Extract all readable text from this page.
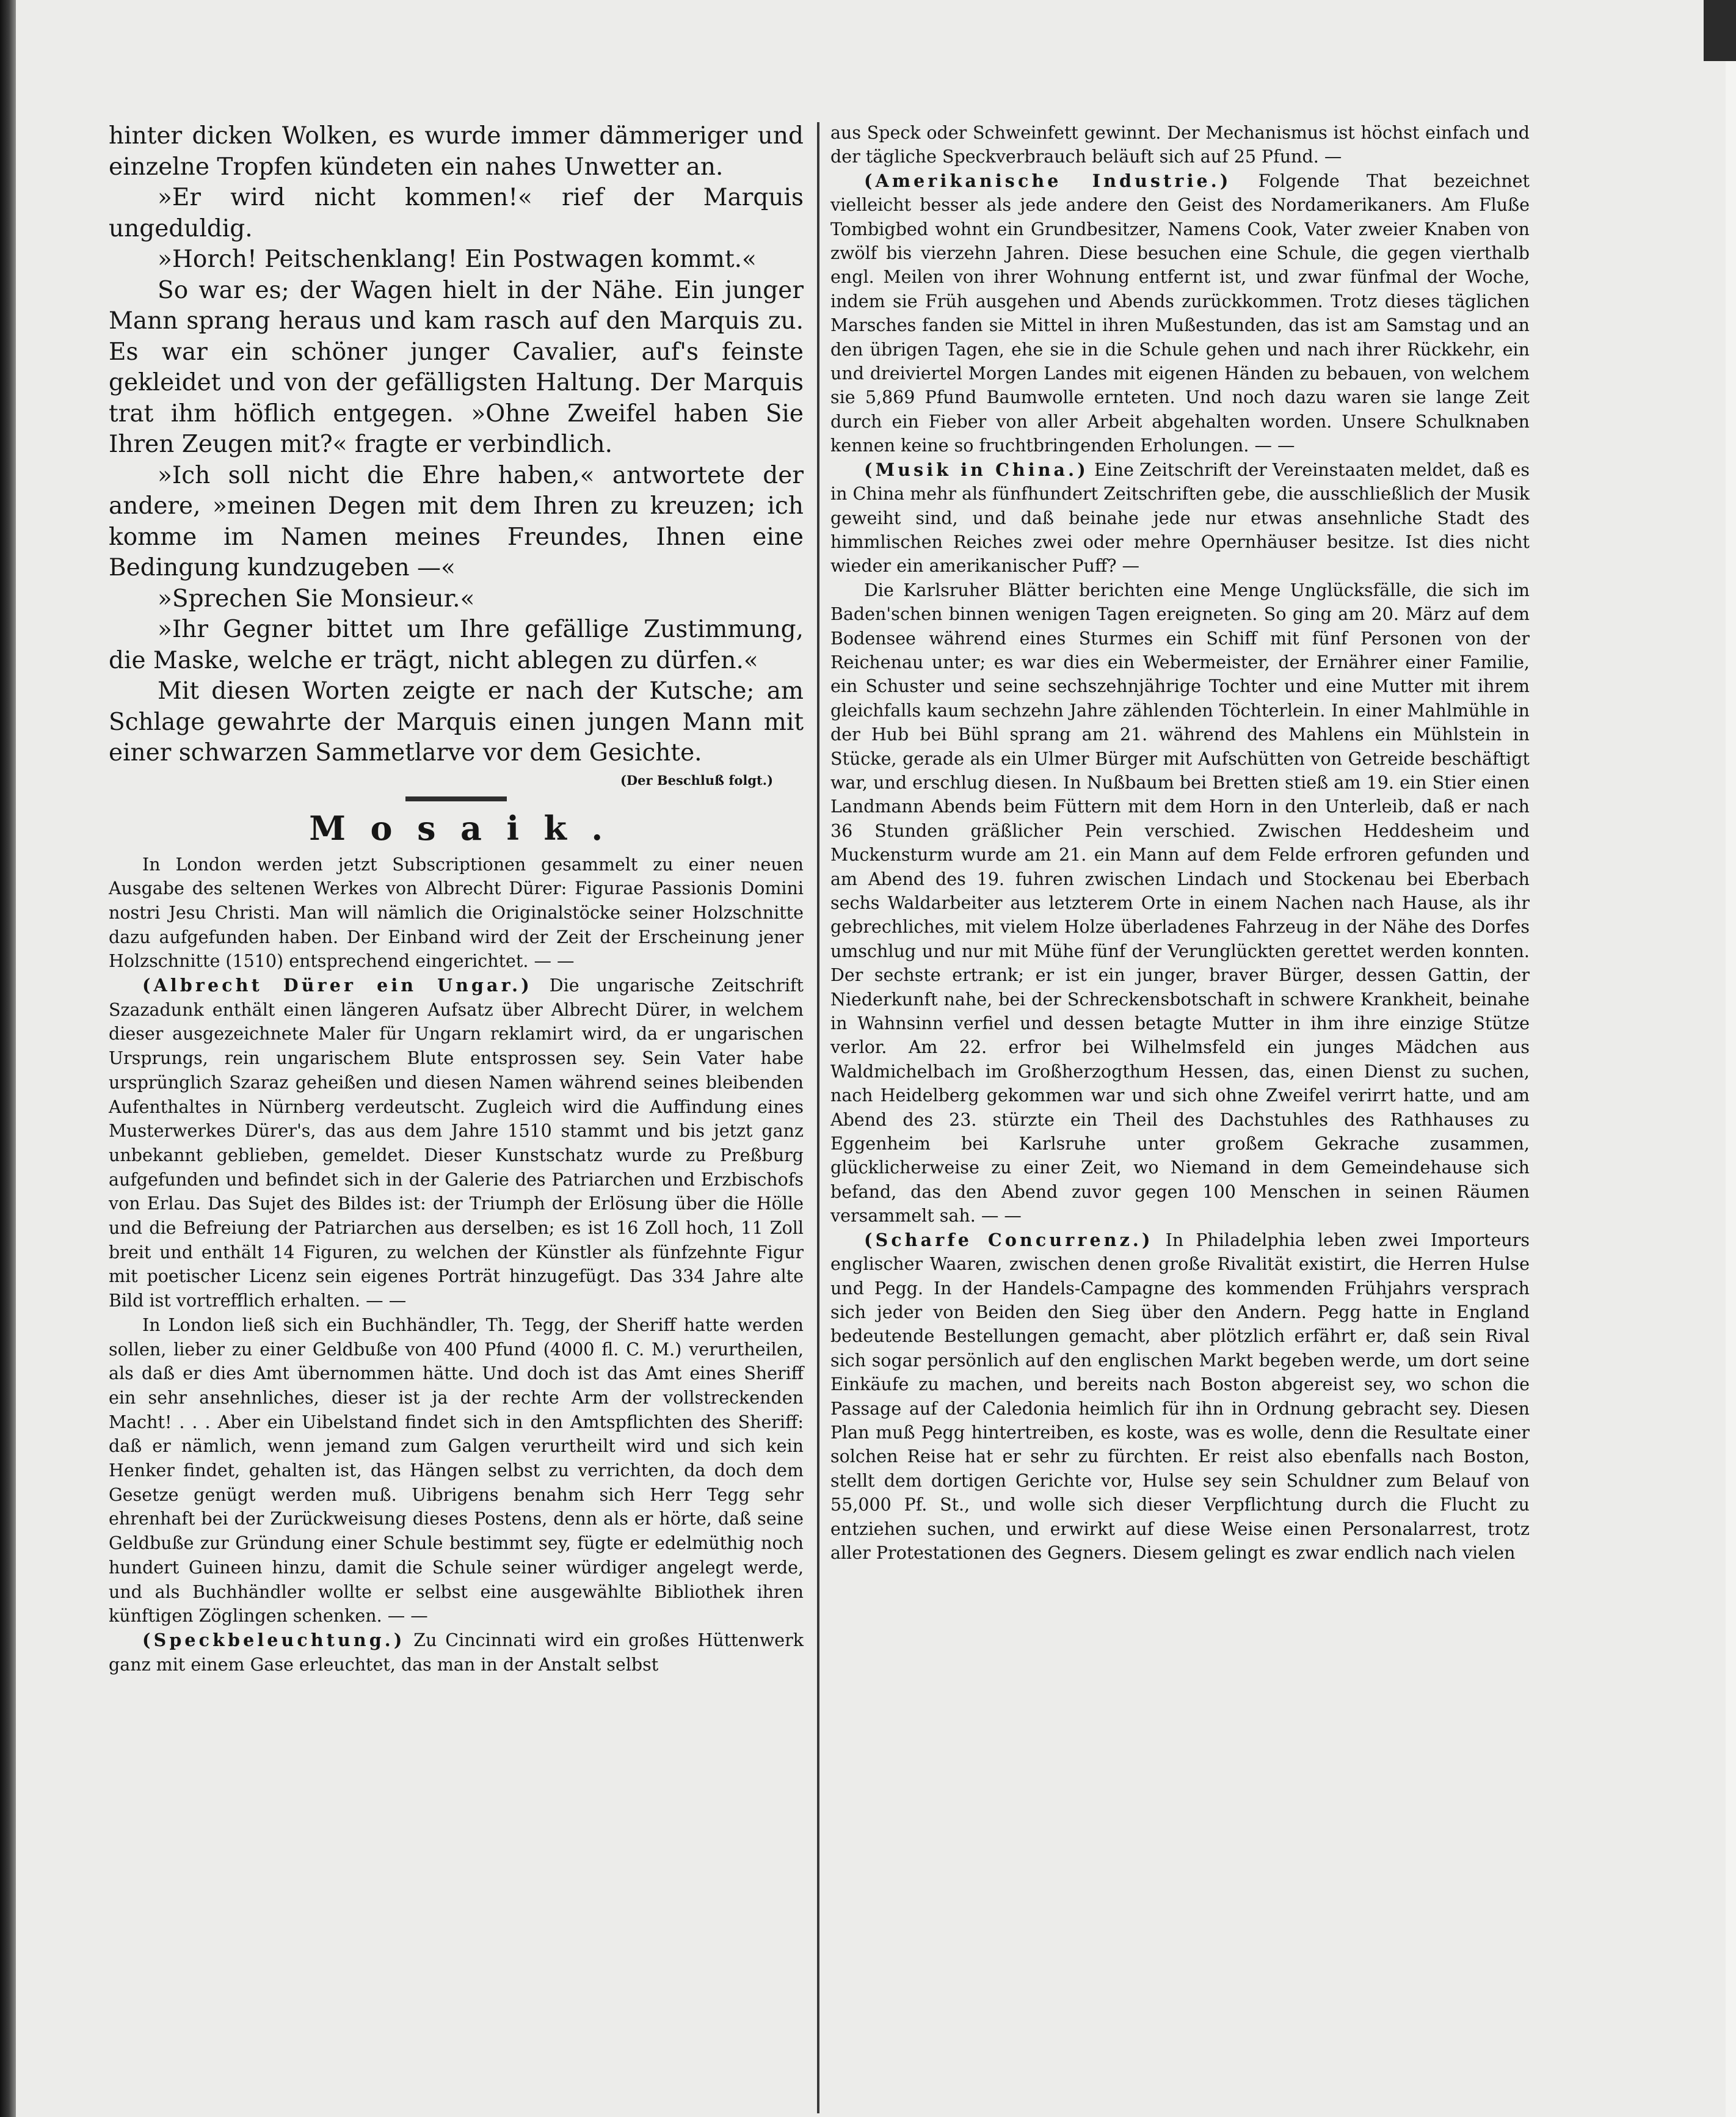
hinter dicken Wolken, es wurde immer dämmeriger und einzelne Tropfen kündeten ein nahes Unwetter an.

»Er wird nicht kommen!« rief der Marquis ungeduldig.

»Horch! Peitschenklang! Ein Postwagen kommt.«

So war es; der Wagen hielt in der Nähe. Ein junger Mann sprang heraus und kam rasch auf den Marquis zu. Es war ein schöner junger Cavalier, auf's feinste gekleidet und von der gefälligsten Haltung. Der Marquis trat ihm höflich entgegen. »Ohne Zweifel haben Sie Ihren Zeugen mit?« fragte er verbindlich.

»Ich soll nicht die Ehre haben,« antwortete der andere, »meinen Degen mit dem Ihren zu kreuzen; ich komme im Namen meines Freundes, Ihnen eine Bedingung kundzugeben —«

»Sprechen Sie Monsieur.«

»Ihr Gegner bittet um Ihre gefällige Zustimmung, die Maske, welche er trägt, nicht ablegen zu dürfen.«

Mit diesen Worten zeigte er nach der Kutsche; am Schlage gewahrte der Marquis einen jungen Mann mit einer schwarzen Sammetlarve vor dem Gesichte.

(Der Beschluß folgt.)
Mosaik.

In London werden jetzt Subscriptionen gesammelt zu einer neuen Ausgabe des seltenen Werkes von Albrecht Dürer: Figurae Passionis Domini nostri Jesu Christi. Man will nämlich die Originalstöcke seiner Holzschnitte dazu aufgefunden haben. Der Einband wird der Zeit der Erscheinung jener Holzschnitte (1510) entsprechend eingerichtet. — —

(Albrecht Dürer ein Ungar.) Die ungarische Zeitschrift Szazadunk enthält einen längeren Aufsatz über Albrecht Dürer, in welchem dieser ausgezeichnete Maler für Ungarn reklamirt wird, da er ungarischen Ursprungs, rein ungarischem Blute entsprossen sey. Sein Vater habe ursprünglich Szaraz geheißen und diesen Namen während seines bleibenden Aufenthaltes in Nürnberg verdeutscht. Zugleich wird die Auffindung eines Musterwerkes Dürer's, das aus dem Jahre 1510 stammt und bis jetzt ganz unbekannt geblieben, gemeldet. Dieser Kunstschatz wurde zu Preßburg aufgefunden und befindet sich in der Galerie des Patriarchen und Erzbischofs von Erlau. Das Sujet des Bildes ist: der Triumph der Erlösung über die Hölle und die Befreiung der Patriarchen aus derselben; es ist 16 Zoll hoch, 11 Zoll breit und enthält 14 Figuren, zu welchen der Künstler als fünfzehnte Figur mit poetischer Licenz sein eigenes Porträt hinzugefügt. Das 334 Jahre alte Bild ist vortrefflich erhalten. — —

In London ließ sich ein Buchhändler, Th. Tegg, der Sheriff hatte werden sollen, lieber zu einer Geldbuße von 400 Pfund (4000 fl. C. M.) verurtheilen, als daß er dies Amt übernommen hätte. Und doch ist das Amt eines Sheriff ein sehr ansehnliches, dieser ist ja der rechte Arm der vollstreckenden Macht! . . . Aber ein Uibelstand findet sich in den Amtspflichten des Sheriff: daß er nämlich, wenn jemand zum Galgen verurtheilt wird und sich kein Henker findet, gehalten ist, das Hängen selbst zu verrichten, da doch dem Gesetze genügt werden muß. Uibrigens benahm sich Herr Tegg sehr ehrenhaft bei der Zurückweisung dieses Postens, denn als er hörte, daß seine Geldbuße zur Gründung einer Schule bestimmt sey, fügte er edelmüthig noch hundert Guineen hinzu, damit die Schule seiner würdiger angelegt werde, und als Buchhändler wollte er selbst eine ausgewählte Bibliothek ihren künftigen Zöglingen schenken. — —

(Speckbeleuchtung.) Zu Cincinnati wird ein großes Hüttenwerk ganz mit einem Gase erleuchtet, das man in der Anstalt selbst

aus Speck oder Schweinfett gewinnt. Der Mechanismus ist höchst einfach und der tägliche Speckverbrauch beläuft sich auf 25 Pfund. —

(Amerikanische Industrie.) Folgende That bezeichnet vielleicht besser als jede andere den Geist des Nordamerikaners. Am Fluße Tombigbed wohnt ein Grundbesitzer, Namens Cook, Vater zweier Knaben von zwölf bis vierzehn Jahren. Diese besuchen eine Schule, die gegen vierthalb engl. Meilen von ihrer Wohnung entfernt ist, und zwar fünfmal der Woche, indem sie Früh ausgehen und Abends zurückkommen. Trotz dieses täglichen Marsches fanden sie Mittel in ihren Mußestunden, das ist am Samstag und an den übrigen Tagen, ehe sie in die Schule gehen und nach ihrer Rückkehr, ein und dreiviertel Morgen Landes mit eigenen Händen zu bebauen, von welchem sie 5,869 Pfund Baumwolle ernteten. Und noch dazu waren sie lange Zeit durch ein Fieber von aller Arbeit abgehalten worden. Unsere Schulknaben kennen keine so fruchtbringenden Erholungen. — —

(Musik in China.) Eine Zeitschrift der Vereinstaaten meldet, daß es in China mehr als fünfhundert Zeitschriften gebe, die ausschließlich der Musik geweiht sind, und daß beinahe jede nur etwas ansehnliche Stadt des himmlischen Reiches zwei oder mehre Opernhäuser besitze. Ist dies nicht wieder ein amerikanischer Puff? —

Die Karlsruher Blätter berichten eine Menge Unglücksfälle, die sich im Baden'schen binnen wenigen Tagen ereigneten. So ging am 20. März auf dem Bodensee während eines Sturmes ein Schiff mit fünf Personen von der Reichenau unter; es war dies ein Webermeister, der Ernährer einer Familie, ein Schuster und seine sechszehnjährige Tochter und eine Mutter mit ihrem gleichfalls kaum sechzehn Jahre zählenden Töchterlein. In einer Mahlmühle in der Hub bei Bühl sprang am 21. während des Mahlens ein Mühlstein in Stücke, gerade als ein Ulmer Bürger mit Aufschütten von Getreide beschäftigt war, und erschlug diesen. In Nußbaum bei Bretten stieß am 19. ein Stier einen Landmann Abends beim Füttern mit dem Horn in den Unterleib, daß er nach 36 Stunden gräßlicher Pein verschied. Zwischen Heddesheim und Muckensturm wurde am 21. ein Mann auf dem Felde erfroren gefunden und am Abend des 19. fuhren zwischen Lindach und Stockenau bei Eberbach sechs Waldarbeiter aus letzterem Orte in einem Nachen nach Hause, als ihr gebrechliches, mit vielem Holze überladenes Fahrzeug in der Nähe des Dorfes umschlug und nur mit Mühe fünf der Verunglückten gerettet werden konnten. Der sechste ertrank; er ist ein junger, braver Bürger, dessen Gattin, der Niederkunft nahe, bei der Schreckensbotschaft in schwere Krankheit, beinahe in Wahnsinn verfiel und dessen betagte Mutter in ihm ihre einzige Stütze verlor. Am 22. erfror bei Wilhelmsfeld ein junges Mädchen aus Waldmichelbach im Großherzogthum Hessen, das, einen Dienst zu suchen, nach Heidelberg gekommen war und sich ohne Zweifel verirrt hatte, und am Abend des 23. stürzte ein Theil des Dachstuhles des Rathhauses zu Eggenheim bei Karlsruhe unter großem Gekrache zusammen, glücklicherweise zu einer Zeit, wo Niemand in dem Gemeindehause sich befand, das den Abend zuvor gegen 100 Menschen in seinen Räumen versammelt sah. — —

(Scharfe Concurrenz.) In Philadelphia leben zwei Importeurs englischer Waaren, zwischen denen große Rivalität existirt, die Herren Hulse und Pegg. In der Handels-Campagne des kommenden Frühjahrs versprach sich jeder von Beiden den Sieg über den Andern. Pegg hatte in England bedeutende Bestellungen gemacht, aber plötzlich erfährt er, daß sein Rival sich sogar persönlich auf den englischen Markt begeben werde, um dort seine Einkäufe zu machen, und bereits nach Boston abgereist sey, wo schon die Passage auf der Caledonia heimlich für ihn in Ordnung gebracht sey. Diesen Plan muß Pegg hintertreiben, es koste, was es wolle, denn die Resultate einer solchen Reise hat er sehr zu fürchten. Er reist also ebenfalls nach Boston, stellt dem dortigen Gerichte vor, Hulse sey sein Schuldner zum Belauf von 55,000 Pf. St., und wolle sich dieser Verpflichtung durch die Flucht zu entziehen suchen, und erwirkt auf diese Weise einen Personalarrest, trotz aller Protestationen des Gegners. Diesem gelingt es zwar endlich nach vielen
